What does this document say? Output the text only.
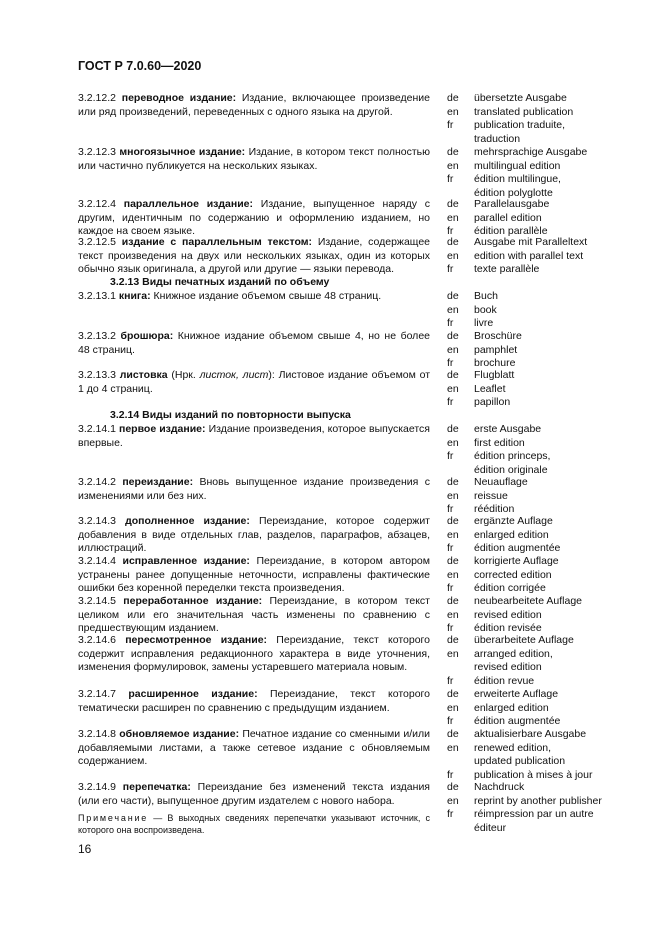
ГОСТ Р 7.0.60—2020

3.2.12.2 переводное издание: Издание, включающее произведение или ряд произведений, переведенных с одного языка на другой.

de	übersetzte Ausgabe
en	translated publication
fr	publication traduite,
traduction

3.2.12.3 многоязычное издание: Издание, в котором текст полностью или частично публикуется на нескольких языках.

de	mehrsprachige Ausgabe
en	multilingual edition
fr	édition multilingue,
édition polyglotte

3.2.12.4 параллельное издание: Издание, выпущенное наряду с другим, идентичным по содержанию и оформлению изданием, но каждое на своем языке.

de	Parallelausgabe
en	parallel edition
fr	édition parallèle

3.2.12.5 издание с параллельным текстом: Издание, содержащее текст произведения на двух или нескольких языках, один из которых обычно язык оригинала, а другой или другие — языки перевода.

de	Ausgabe mit Paralleltext
en	edition with parallel text
fr	texte parallèle

3.2.13 Виды печатных изданий по объему

3.2.13.1 книга: Книжное издание объемом свыше 48 страниц.	de	Buch
en	book
fr	livre

3.2.13.2 брошюра: Книжное издание объемом свыше 4, но не более 48 страниц.

de	Broschüre
en	pamphlet
fr	brochure

3.2.13.3 листовка (Нрк. листок, лист): Листовое издание объемом от 1 до 4 страниц.

de	Flugblatt
en	Leaflet
fr	papillon

3.2.14 Виды изданий по повторности выпуска

3.2.14.1 первое издание: Издание произведения, которое выпускается впервые.

de	erste Ausgabe
en	first edition
fr	édition princeps,
édition originale

3.2.14.2 переиздание: Вновь выпущенное издание произведения с изменениями или без них.

de	Neuauflage
en	reissue
fr	réédition

3.2.14.3 дополненное издание: Переиздание, которое содержит добавления в виде отдельных глав, разделов, параграфов, абзацев, иллюстраций.

de	ergänzte Auflage
en	enlarged edition
fr	édition augmentée

3.2.14.4 исправленное издание: Переиздание, в котором автором устранены ранее допущенные неточности, исправлены фактические ошибки без коренной переделки текста произведения.

de	korrigierte Auflage
en	corrected edition
fr	édition corrigée

3.2.14.5 переработанное издание: Переиздание, в котором текст целиком или его значительная часть изменены по сравнению с предшествующим изданием.

de	neubearbeitete Auflage
en	revised edition
fr	édition revisée

3.2.14.6 пересмотренное издание: Переиздание, текст которого содержит исправления редакционного характера в виде уточнения, изменения формулировок, замены устаревшего материала новым.

de	überarbeitete Auflage
en	arranged edition,
revised edition
fr	édition revue

3.2.14.7 расширенное издание: Переиздание, текст которого тематически расширен по сравнению с предыдущим изданием.

de	erweiterte Auflage
en	enlarged edition
fr	édition augmentée

3.2.14.8 обновляемое издание: Печатное издание со сменными и/или добавляемыми листами, а также сетевое издание с обновляемым содержанием.

de	aktualisierbare Ausgabe
en	renewed edition,
updated publication
fr	publication à mises à jour

3.2.14.9 перепечатка: Переиздание без изменений текста издания (или его части), выпущенное другим издателем с нового набора.

de	Nachdruck
en	reprint by another publisher
fr	réimpression par un autre
éditeur

Примечание — В выходных сведениях перепечатки указывают источник, с которого она воспроизведена.

16
